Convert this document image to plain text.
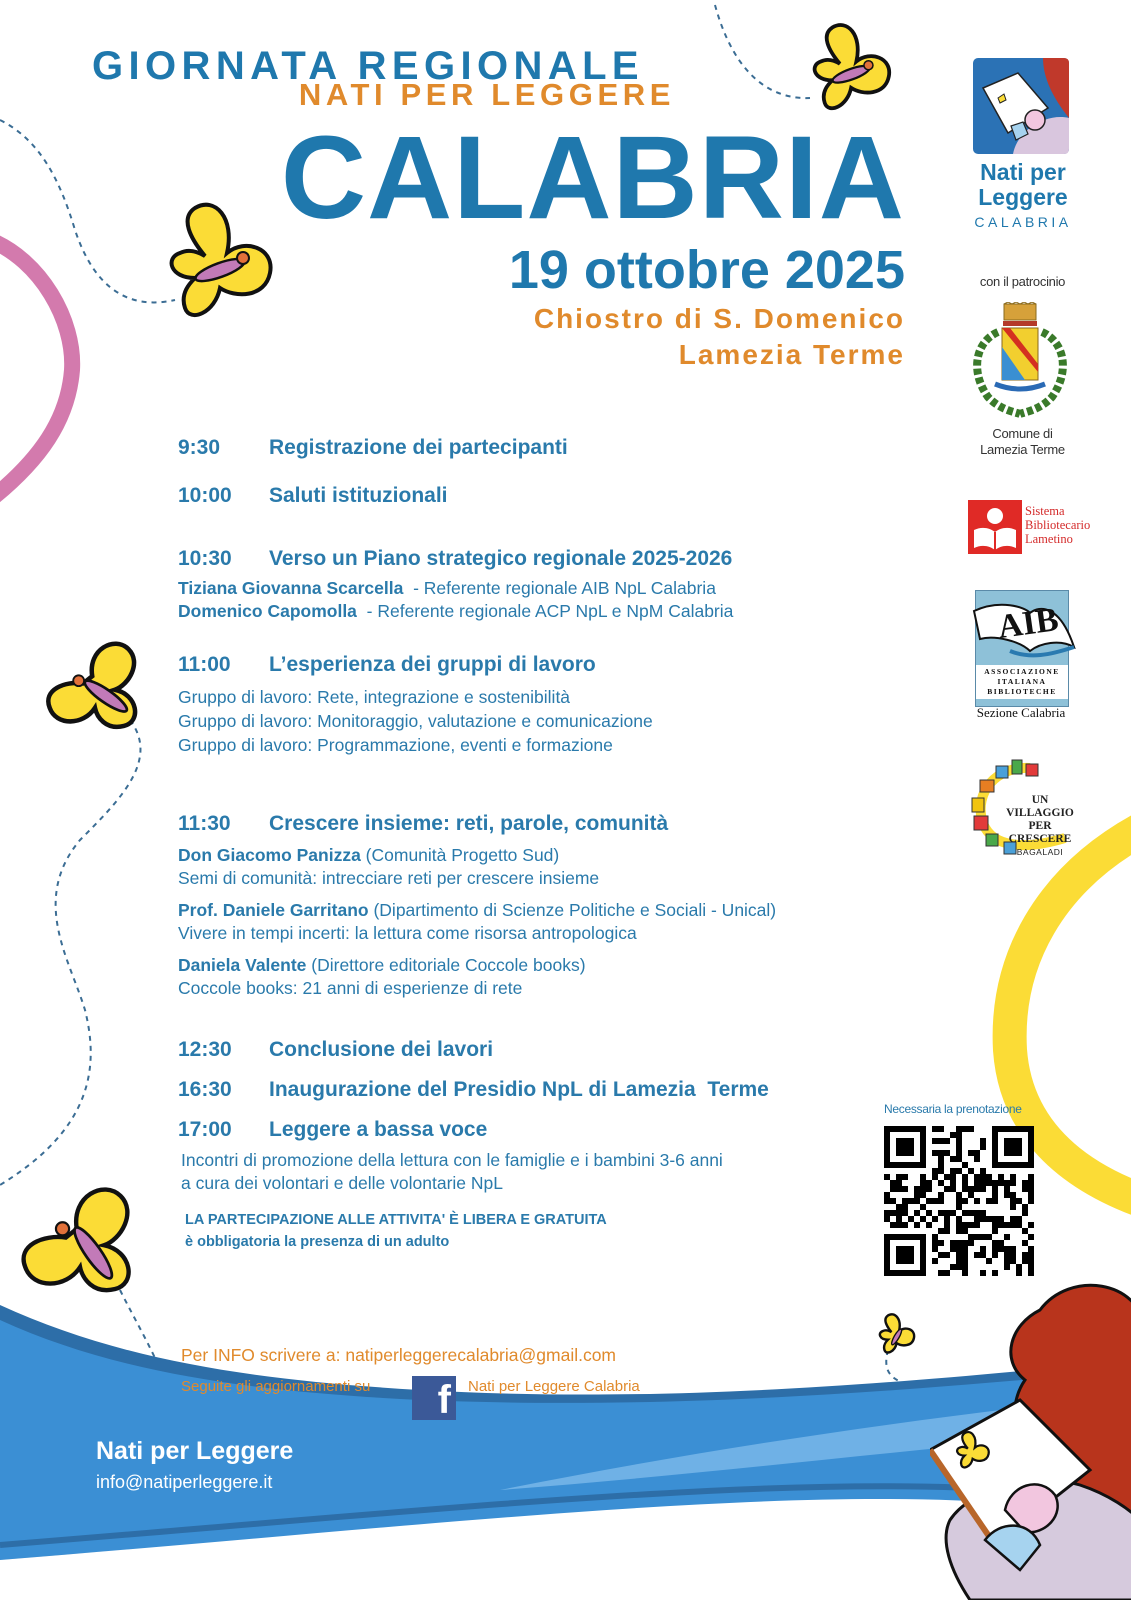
GIORNATA REGIONALE
NATI PER LEGGERE
CALABRIA
19 ottobre 2025
Chiostro di S. Domenico
Lamezia Terme
9:30 Registrazione dei partecipanti
10:00 Saluti istituzionali
10:30 Verso un Piano strategico regionale 2025-2026
Tiziana Giovanna Scarcella  - Referente regionale AIB NpL Calabria
Domenico Capomolla  - Referente regionale ACP NpL e NpM Calabria
11:00 L’esperienza dei gruppi di lavoro
Gruppo di lavoro: Rete, integrazione e sostenibilità
Gruppo di lavoro: Monitoraggio, valutazione e comunicazione
Gruppo di lavoro: Programmazione, eventi e formazione
11:30 Crescere insieme: reti, parole, comunità
Don Giacomo Panizza (Comunità Progetto Sud)
Semi di comunità: intrecciare reti per crescere insieme
Prof. Daniele Garritano (Dipartimento di Scienze Politiche e Sociali - Unical)
Vivere in tempi incerti: la lettura come risorsa antropologica
Daniela Valente (Direttore editoriale Coccole books)
Coccole books: 21 anni di esperienze di rete
12:30 Conclusione dei lavori
16:30 Inaugurazione del Presidio NpL di Lamezia  Terme
17:00 Leggere a bassa voce
Incontri di promozione della lettura con le famiglie e i bambini 3-6 anni
a cura dei volontari e delle volontarie NpL
LA PARTECIPAZIONE ALLE ATTIVITA' È LIBERA E GRATUITA
è obbligatoria la presenza di un adulto
Nati per
Leggere
CALABRIA
con il patrocinio
Comune di
Lamezia Terme
Sistema
Bibliotecario
Lametino
AIB
ASSOCIAZIONE
ITALIANA
BIBLIOTECHE
Sezione Calabria
UN VILLAGGIO
PER CRESCERE
BAGALADI
Necessaria la prenotazione
Per INFO scrivere a: natiperleggerecalabria@gmail.com
Seguite gli aggiornamenti su	f	Nati per Leggere Calabria
Nati per Leggere
info@natiperleggere.it
